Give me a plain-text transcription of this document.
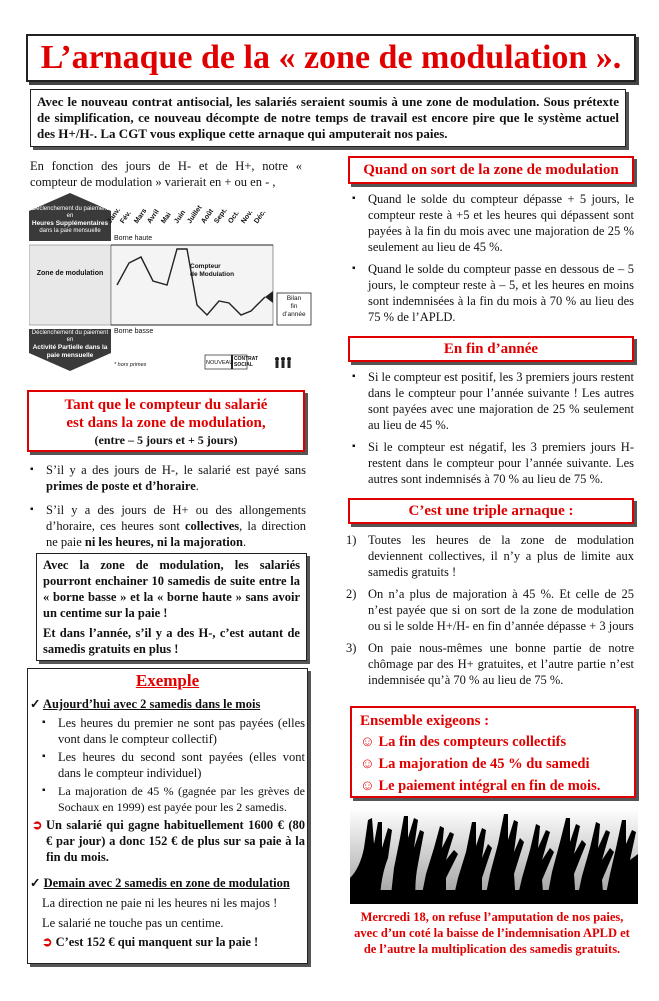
L’arnaque de la « zone de modulation ».
Avec le nouveau contrat antisocial, les salariés seraient soumis à une zone de modulation. Sous prétexte de simplification, ce nouveau décompte de notre temps de travail est encore pire que le système actuel des H+/H-. La CGT vous explique cette arnaque qui amputerait nos paies.
En fonction des jours de H- et de H+, notre « compteur de modulation » varierait en + ou en - ,
Déclenchement du paiement en
Heures Supplémentaires
dans la paie mensuelle
Zone de modulation
Déclenchement du paiement en
Activité Partielle dans la paie mensuelle
Janv.
Fév. Mars
Avril
Mai Juin Juillet
Août
Sept.
Oct. Nov. Déc.
Borne haute
Borne basse
Compteur
de Modulation
Bilan
fin
d’année
* hors primes	NOUVEAU
CONTRAT
SOCIAL
Tant que le compteur du salarié
est dans la zone de modulation,
(entre – 5 jours et + 5 jours)
▪ S’il y a des jours de H-, le salarié est payé sans primes de poste et d’horaire.
▪ S’il y a des jours de H+ ou des allongements d’horaire, ces heures sont collectives, la direction ne paie ni les heures, ni la majoration.
Avec la zone de modulation, les salariés pourront enchainer 10 samedis de suite entre la « borne basse » et la « borne haute » sans avoir un centime sur la paie !
Et dans l’année, s’il y a des H-, c’est autant de samedis gratuits en plus !
Exemple
✓ Aujourd’hui avec 2 samedis dans le mois
▪ Les heures du premier ne sont pas payées (elles vont dans le compteur collectif)
▪ Les heures du second sont payées (elles vont dans le compteur individuel)
▪ La majoration de 45 % (gagnée par les grèves de Sochaux en 1999) est payée pour les 2 samedis.
➲ Un salarié qui gagne habituellement 1600 € (80 € par jour) a donc 152 € de plus sur sa paie à la fin du mois.
✓ Demain avec 2 samedis en zone de modulation
La direction ne paie ni les heures ni les majos !
Le salarié ne touche pas un centime.
➲ C’est 152 € qui manquent sur la paie !
Quand on sort de la zone de modulation
▪ Quand le solde du compteur dépasse + 5 jours, le compteur reste à +5 et les heures qui dépassent sont payées à la fin du mois avec une majoration de 25 % seulement au lieu de 45 %.
▪ Quand le solde du compteur passe en dessous de – 5 jours, le compteur reste à – 5, et les heures en moins sont indemnisées à la fin du mois à 70 % au lieu des 75 % de l’APLD.
En fin d’année
▪ Si le compteur est positif, les 3 premiers jours restent dans le compteur pour l’année suivante ! Les autres sont payées avec une majoration de 25 % seulement au lieu de 45 %.
▪ Si le compteur est négatif, les 3 premiers jours H- restent dans le compteur pour l’année suivante. Les autres sont indemnisés à 70 % au lieu de 75 %.
C’est une triple arnaque :
1) Toutes les heures de la zone de modulation deviennent collectives, il n’y a plus de limite aux samedis gratuits !
2) On n’a plus de majoration à 45 %. Et celle de 25 n’est payée que si on sort de la zone de modulation ou si le solde H+/H- en fin d’année dépasse + 3 jours
3) On paie nous-mêmes une bonne partie de notre chômage par des H+ gratuites, et l’autre partie n’est indemnisée qu’à 70 % au lieu de 75 %.
Ensemble exigeons :
☺ La fin des compteurs collectifs
☺ La majoration de 45 % du samedi
☺ Le paiement intégral en fin de mois.
Mercredi 18, on refuse l’amputation de nos paies, avec d’un coté la baisse de l’indemnisation APLD et de l’autre la multiplication des samedis gratuits.
